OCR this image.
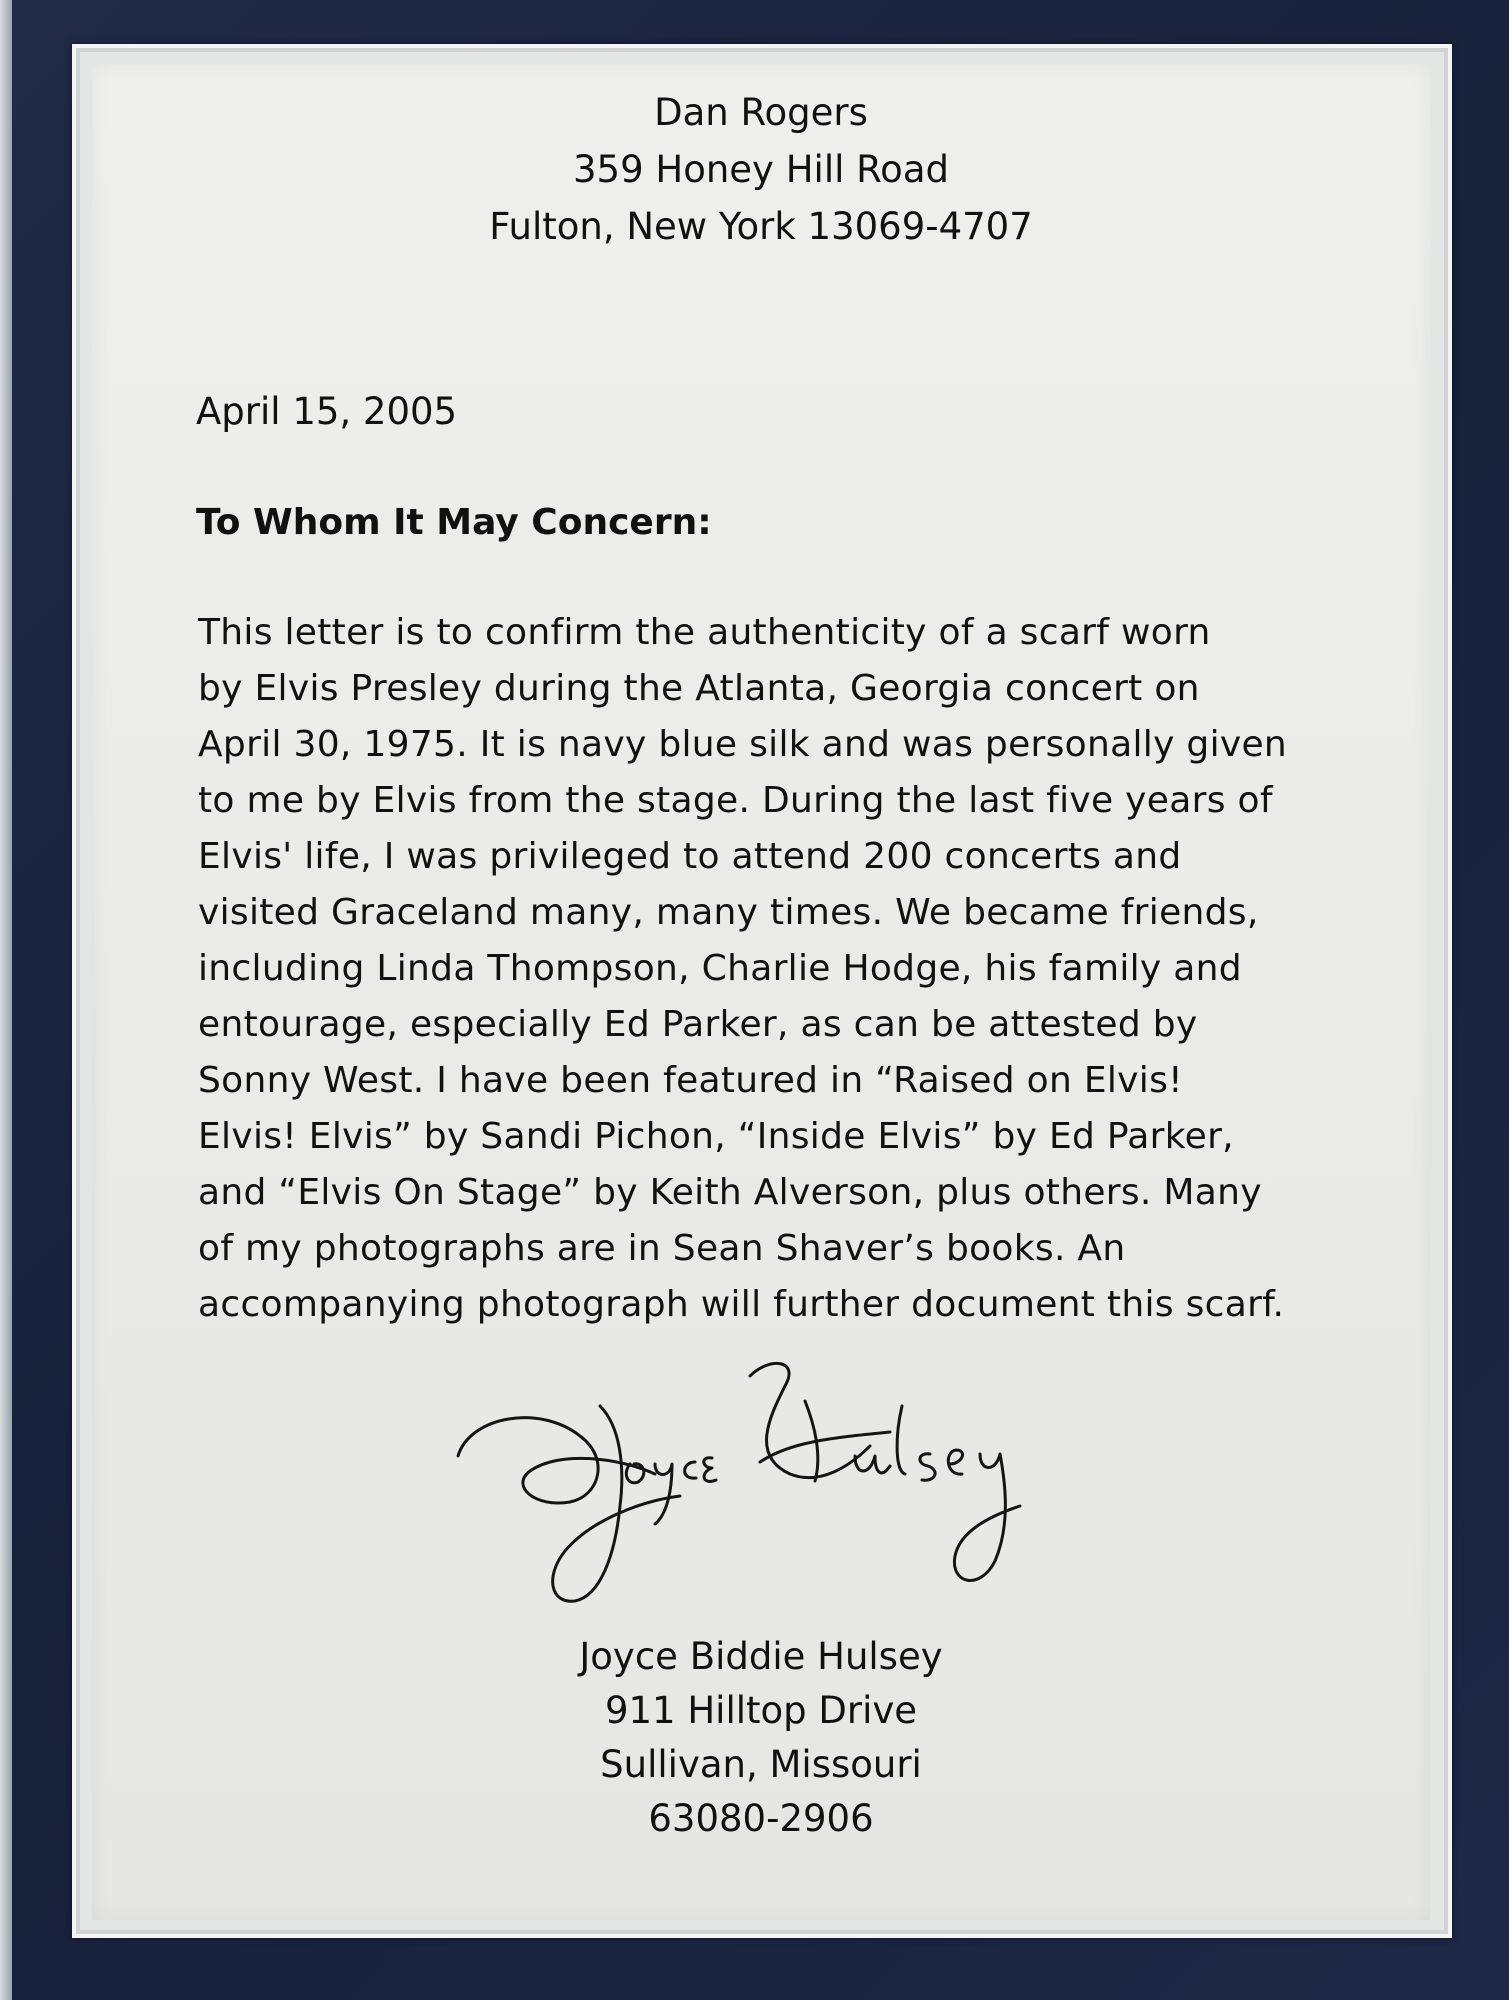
Dan Rogers
359 Honey Hill Road
Fulton, New York 13069-4707
April 15, 2005
To Whom It May Concern:
This letter is to confirm the authenticity of a scarf worn
by Elvis Presley during the Atlanta, Georgia concert on
April 30, 1975. It is navy blue silk and was personally given
to me by Elvis from the stage. During the last five years of
Elvis' life, I was privileged to attend 200 concerts and
visited Graceland many, many times. We became friends,
including Linda Thompson, Charlie Hodge, his family and
entourage, especially Ed Parker, as can be attested by
Sonny West. I have been featured in “Raised on Elvis!
Elvis! Elvis” by Sandi Pichon, “Inside Elvis” by Ed Parker,
and “Elvis On Stage” by Keith Alverson, plus others. Many
of my photographs are in Sean Shaver’s books. An
accompanying photograph will further document this scarf.
Joyce Biddie Hulsey
911 Hilltop Drive
Sullivan, Missouri
63080-2906
